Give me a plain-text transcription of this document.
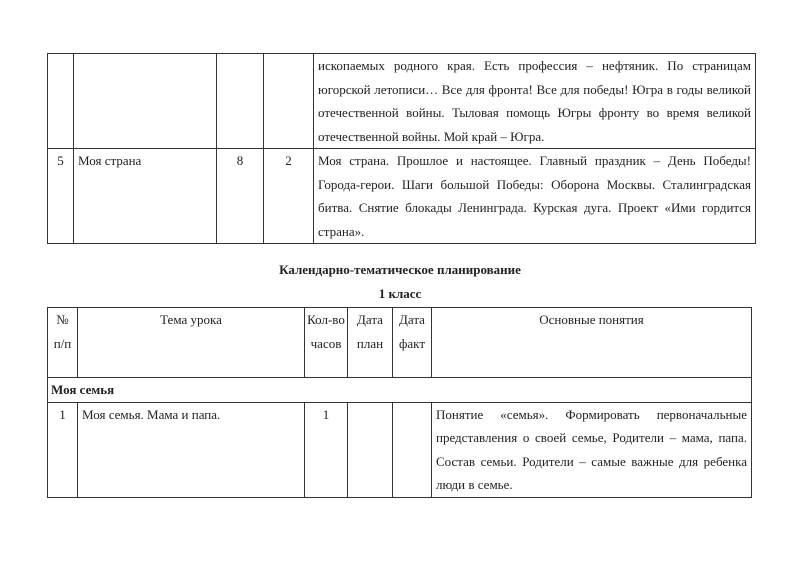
				ископаемых родного края. Есть профессия – нефтяник. По страницам югорской летописи… Все для фронта! Все для победы! Югра в годы великой отечественной войны. Тыловая помощь Югры фронту во время великой отечественной войны. Мой край – Югра.
5	Моя страна	8	2	Моя страна. Прошлое и настоящее. Главный праздник – День Победы! Города-герои. Шаги большой Победы: Оборона Москвы. Сталинградская битва. Снятие блокады Ленинграда. Курская дуга. Проект «Ими гордится страна».
Календарно-тематическое планирование
1 класс
№ п/п	Тема урока	Кол-во часов	Дата план	Дата факт	Основные понятия
Моя семья					
1	Моя семья. Мама и папа.	1			Понятие «семья». Формировать первоначальные представления о своей семье, Родители – мама, папа. Состав семьи. Родители – самые важные для ребенка люди в семье.
